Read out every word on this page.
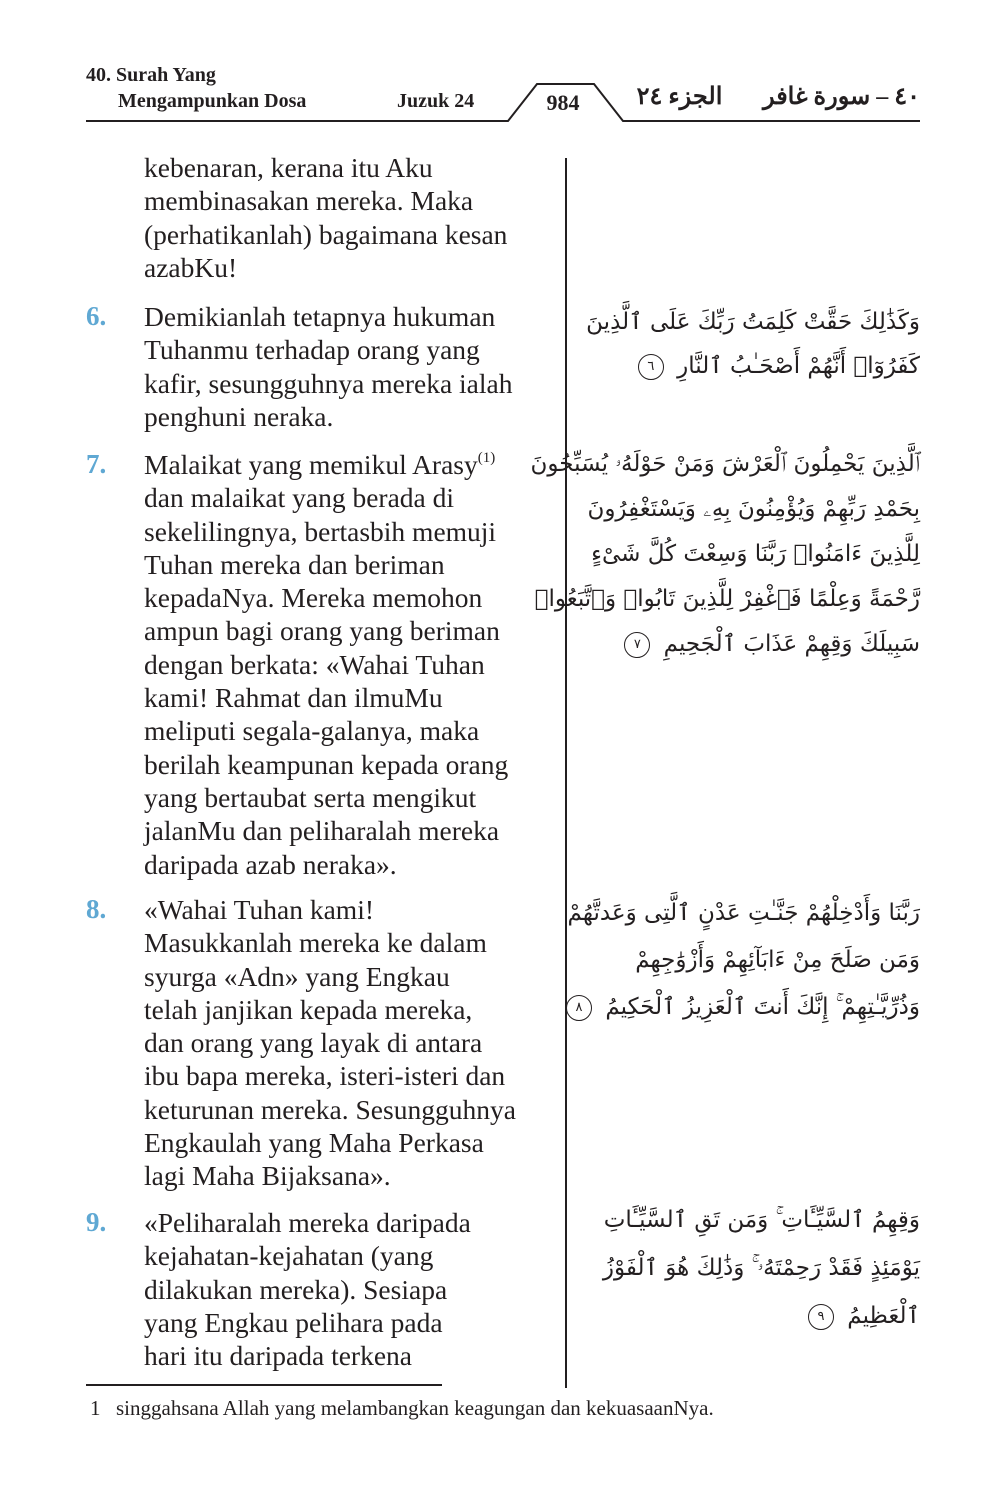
40. Surah Yang
Mengampunkan Dosa	Juzuk 24	984	الجزء ٢٤	٤٠ – سورة غافر
kebenaran, kerana itu Aku
membinasakan mereka. Maka
(perhatikanlah) bagaimana kesan
azabKu!
6. Demikianlah tetapnya hukuman
Tuhanmu terhadap orang yang
kafir, sesungguhnya mereka ialah
penghuni neraka.
7. Malaikat yang memikul Arasy$^{(1)}$
dan malaikat yang berada di
sekelilingnya, bertasbih memuji
Tuhan mereka dan beriman
kepadaNya. Mereka memohon
ampun bagi orang yang beriman
dengan berkata: «Wahai Tuhan
kami! Rahmat dan ilmuMu
meliputi segala-galanya, maka
berilah keampunan kepada orang
yang bertaubat serta mengikut
jalanMu dan peliharalah mereka
daripada azab neraka».
8. «Wahai Tuhan kami!
Masukkanlah mereka ke dalam
syurga «Adn» yang Engkau
telah janjikan kepada mereka,
dan orang yang layak di antara
ibu bapa mereka, isteri-isteri dan
keturunan mereka. Sesungguhnya
Engkaulah yang Maha Perkasa
lagi Maha Bijaksana».
9. «Peliharalah mereka daripada
kejahatan-kejahatan (yang
dilakukan mereka). Sesiapa
yang Engkau pelihara pada
hari itu daripada terkena
وَكَذَٰلِكَ حَقَّتْ كَلِمَتُ رَبِّكَ عَلَى ٱلَّذِينَ
كَفَرُوٓا۟ أَنَّهُمْ أَصْحَـٰبُ ٱلنَّارِ ٦
ٱلَّذِينَ يَحْمِلُونَ ٱلْعَرْشَ وَمَنْ حَوْلَهُۥ يُسَبِّحُونَ
بِحَمْدِ رَبِّهِمْ وَيُؤْمِنُونَ بِهِۦ وَيَسْتَغْفِرُونَ
لِلَّذِينَ ءَامَنُوا۟ رَبَّنَا وَسِعْتَ كُلَّ شَىْءٍ
رَّحْمَةً وَعِلْمًا فَٱغْفِرْ لِلَّذِينَ تَابُوا۟ وَٱتَّبَعُوا۟
سَبِيلَكَ وَقِهِمْ عَذَابَ ٱلْجَحِيمِ ٧
رَبَّنَا وَأَدْخِلْهُمْ جَنَّـٰتِ عَدْنٍ ٱلَّتِى وَعَدتَّهُمْ
وَمَن صَلَحَ مِنْ ءَابَآئِهِمْ وَأَزْوَٰجِهِمْ
وَذُرِّيَّـٰتِهِمْ ۚ إِنَّكَ أَنتَ ٱلْعَزِيزُ ٱلْحَكِيمُ ٨
وَقِهِمُ ٱلسَّيِّـَٔاتِ ۚ وَمَن تَقِ ٱلسَّيِّـَٔاتِ
يَوْمَئِذٍ فَقَدْ رَحِمْتَهُۥ ۚ وَذَٰلِكَ هُوَ ٱلْفَوْزُ
ٱلْعَظِيمُ ٩
1 singgahsana Allah yang melambangkan keagungan dan kekuasaanNya.
